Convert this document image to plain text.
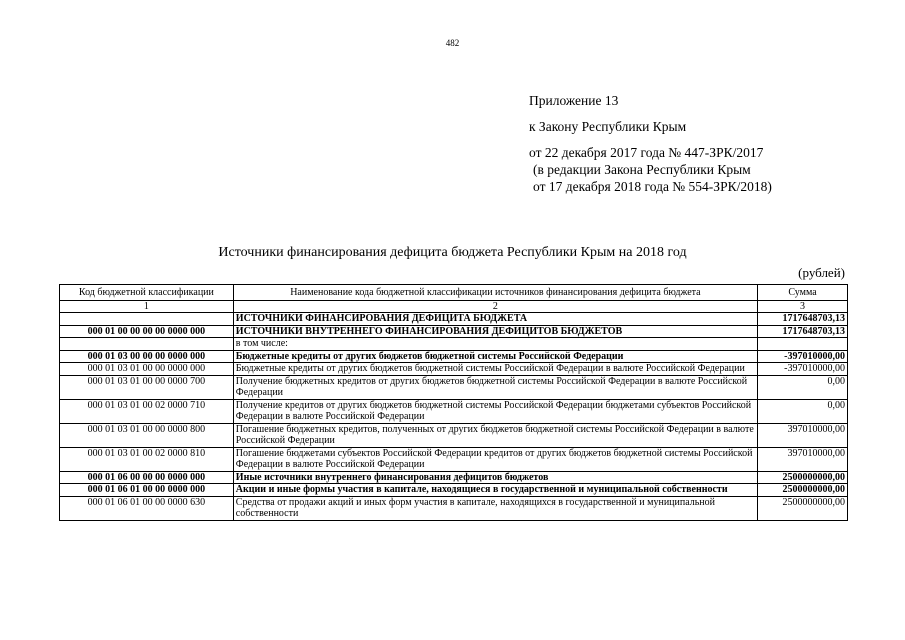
482
Приложение 13
к Закону Республики Крым
от 22 декабря 2017 года № 447-ЗРК/2017
(в редакции Закона Республики Крым
от 17 декабря 2018 года № 554-ЗРК/2018)
Источники финансирования дефицита бюджета Республики Крым на 2018 год
(рублей)
Код бюджетной классификации	Наименование кода бюджетной классификации источников финансирования дефицита бюджета	Сумма
1	2	3
	ИСТОЧНИКИ ФИНАНСИРОВАНИЯ ДЕФИЦИТА БЮДЖЕТА	1717648703,13
000 01 00 00 00 00 0000 000	ИСТОЧНИКИ ВНУТРЕННЕГО ФИНАНСИРОВАНИЯ ДЕФИЦИТОВ БЮДЖЕТОВ	1717648703,13
	в том числе:	
000 01 03 00 00 00 0000 000	Бюджетные кредиты от других бюджетов бюджетной системы Российской Федерации	-397010000,00
000 01 03 01 00 00 0000 000	Бюджетные кредиты от других бюджетов бюджетной системы Российской Федерации в валюте Российской Федерации	-397010000,00
000 01 03 01 00 00 0000 700	Получение бюджетных кредитов от других бюджетов бюджетной системы Российской Федерации в валюте Российской Федерации	0,00
000 01 03 01 00 02 0000 710	Получение кредитов от других бюджетов бюджетной системы Российской Федерации бюджетами субъектов Российской Федерации в валюте Российской Федерации	0,00
000 01 03 01 00 00 0000 800	Погашение бюджетных кредитов, полученных от других бюджетов бюджетной системы Российской Федерации в валюте Российской Федерации	397010000,00
000 01 03 01 00 02 0000 810	Погашение бюджетами субъектов Российской Федерации кредитов от других бюджетов бюджетной системы Российской Федерации в валюте Российской Федерации	397010000,00
000 01 06 00 00 00 0000 000	Иные источники внутреннего финансирования дефицитов бюджетов	2500000000,00
000 01 06 01 00 00 0000 000	Акции и иные формы участия в капитале, находящиеся в государственной и муниципальной собственности	2500000000,00
000 01 06 01 00 00 0000 630	Средства от продажи акций и иных форм участия в капитале, находящихся в государственной и муниципальной собственности	2500000000,00
